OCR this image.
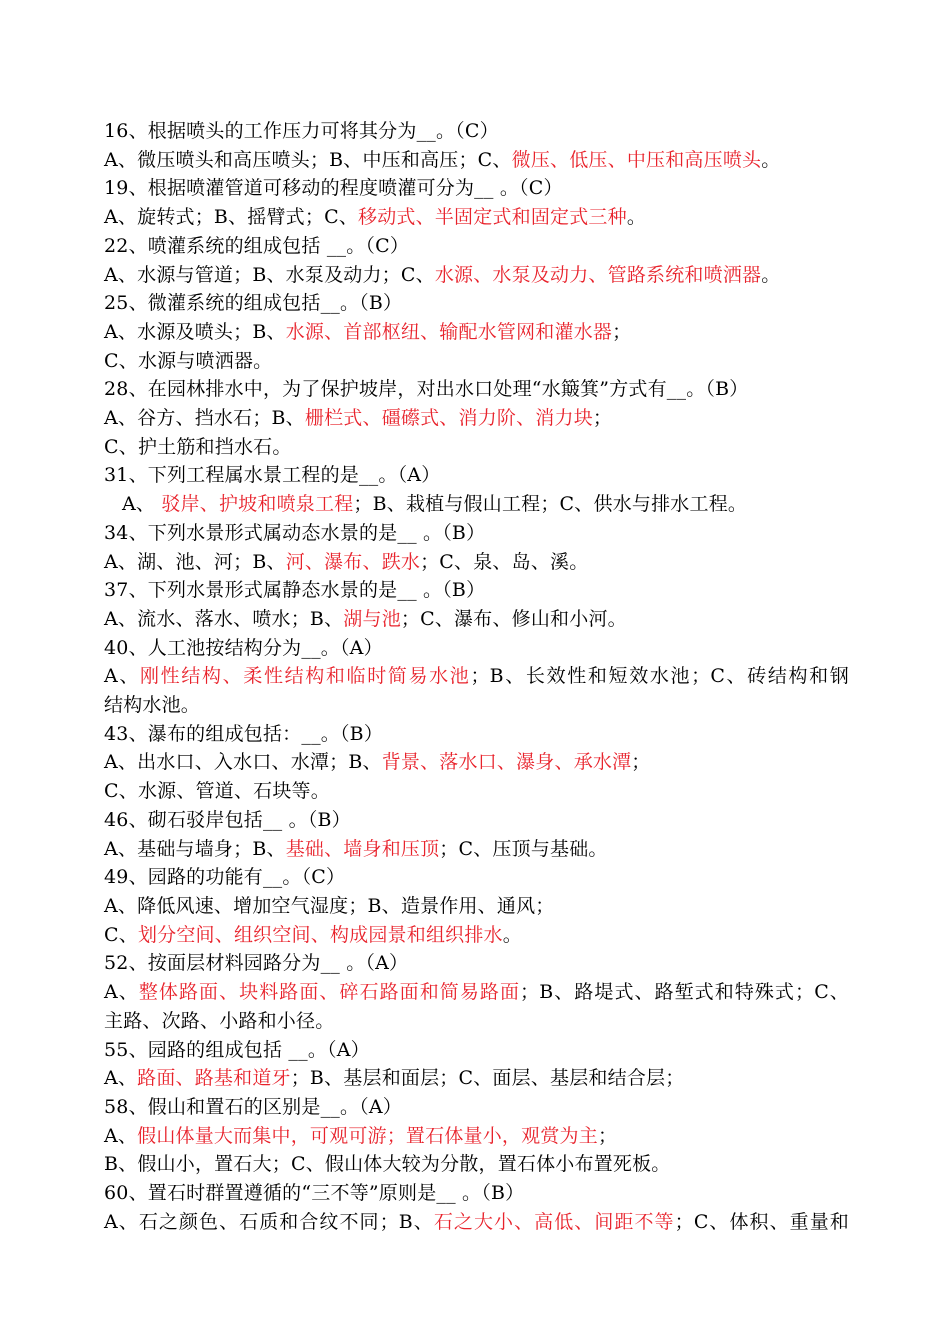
16、根据喷头的工作压力可将其分为__。（C）
A、微压喷头和高压喷头；B、中压和高压；C、微压、低压、中压和高压喷头。
19、根据喷灌管道可移动的程度喷灌可分为__ 。（C）
A、旋转式；B、摇臂式；C、移动式、半固定式和固定式三种。
22、喷灌系统的组成包括 __。（C）
A、水源与管道；B、水泵及动力；C、水源、水泵及动力、管路系统和喷洒器。
25、微灌系统的组成包括__。（B）
A、水源及喷头；B、水源、首部枢纽、输配水管网和灌水器；
C、水源与喷洒器。
28、在园林排水中，为了保护坡岸，对出水口处理“水簸箕”方式有__。（B）
A、谷方、挡水石；B、栅栏式、礓礤式、消力阶、消力块；
C、护土筋和挡水石。
31、下列工程属水景工程的是__。（A）
A、 驳岸、护坡和喷泉工程；B、栽植与假山工程；C、供水与排水工程。
34、下列水景形式属动态水景的是__ 。（B）
A、湖、池、河；B、河、瀑布、跌水；C、泉、岛、溪。
37、下列水景形式属静态水景的是__ 。（B）
A、流水、落水、喷水；B、湖与池；C、瀑布、修山和小河。
40、人工池按结构分为__。（A）
A、刚性结构、柔性结构和临时简易水池；B、长效性和短效水池；C、砖结构和钢
结构水池。
43、瀑布的组成包括：__。（B）
A、出水口、入水口、水潭；B、背景、落水口、瀑身、承水潭；
C、水源、管道、石块等。
46、砌石驳岸包括__ 。（B）
A、基础与墙身；B、基础、墙身和压顶；C、压顶与基础。
49、园路的功能有__。（C）
A、降低风速、增加空气湿度；B、造景作用、通风；
C、划分空间、组织空间、构成园景和组织排水。
52、按面层材料园路分为__ 。（A）
A、整体路面、块料路面、碎石路面和简易路面；B、路堤式、路堑式和特殊式；C、
主路、次路、小路和小径。
55、园路的组成包括 __。（A）
A、路面、路基和道牙；B、基层和面层；C、面层、基层和结合层；
58、假山和置石的区别是__。（A）
A、假山体量大而集中，可观可游；置石体量小，观赏为主；
B、假山小，置石大；C、假山体大较为分散，置石体小布置死板。
60、置石时群置遵循的“三不等”原则是__ 。（B）
A、石之颜色、石质和合纹不同；B、石之大小、高低、间距不等；C、体积、重量和
